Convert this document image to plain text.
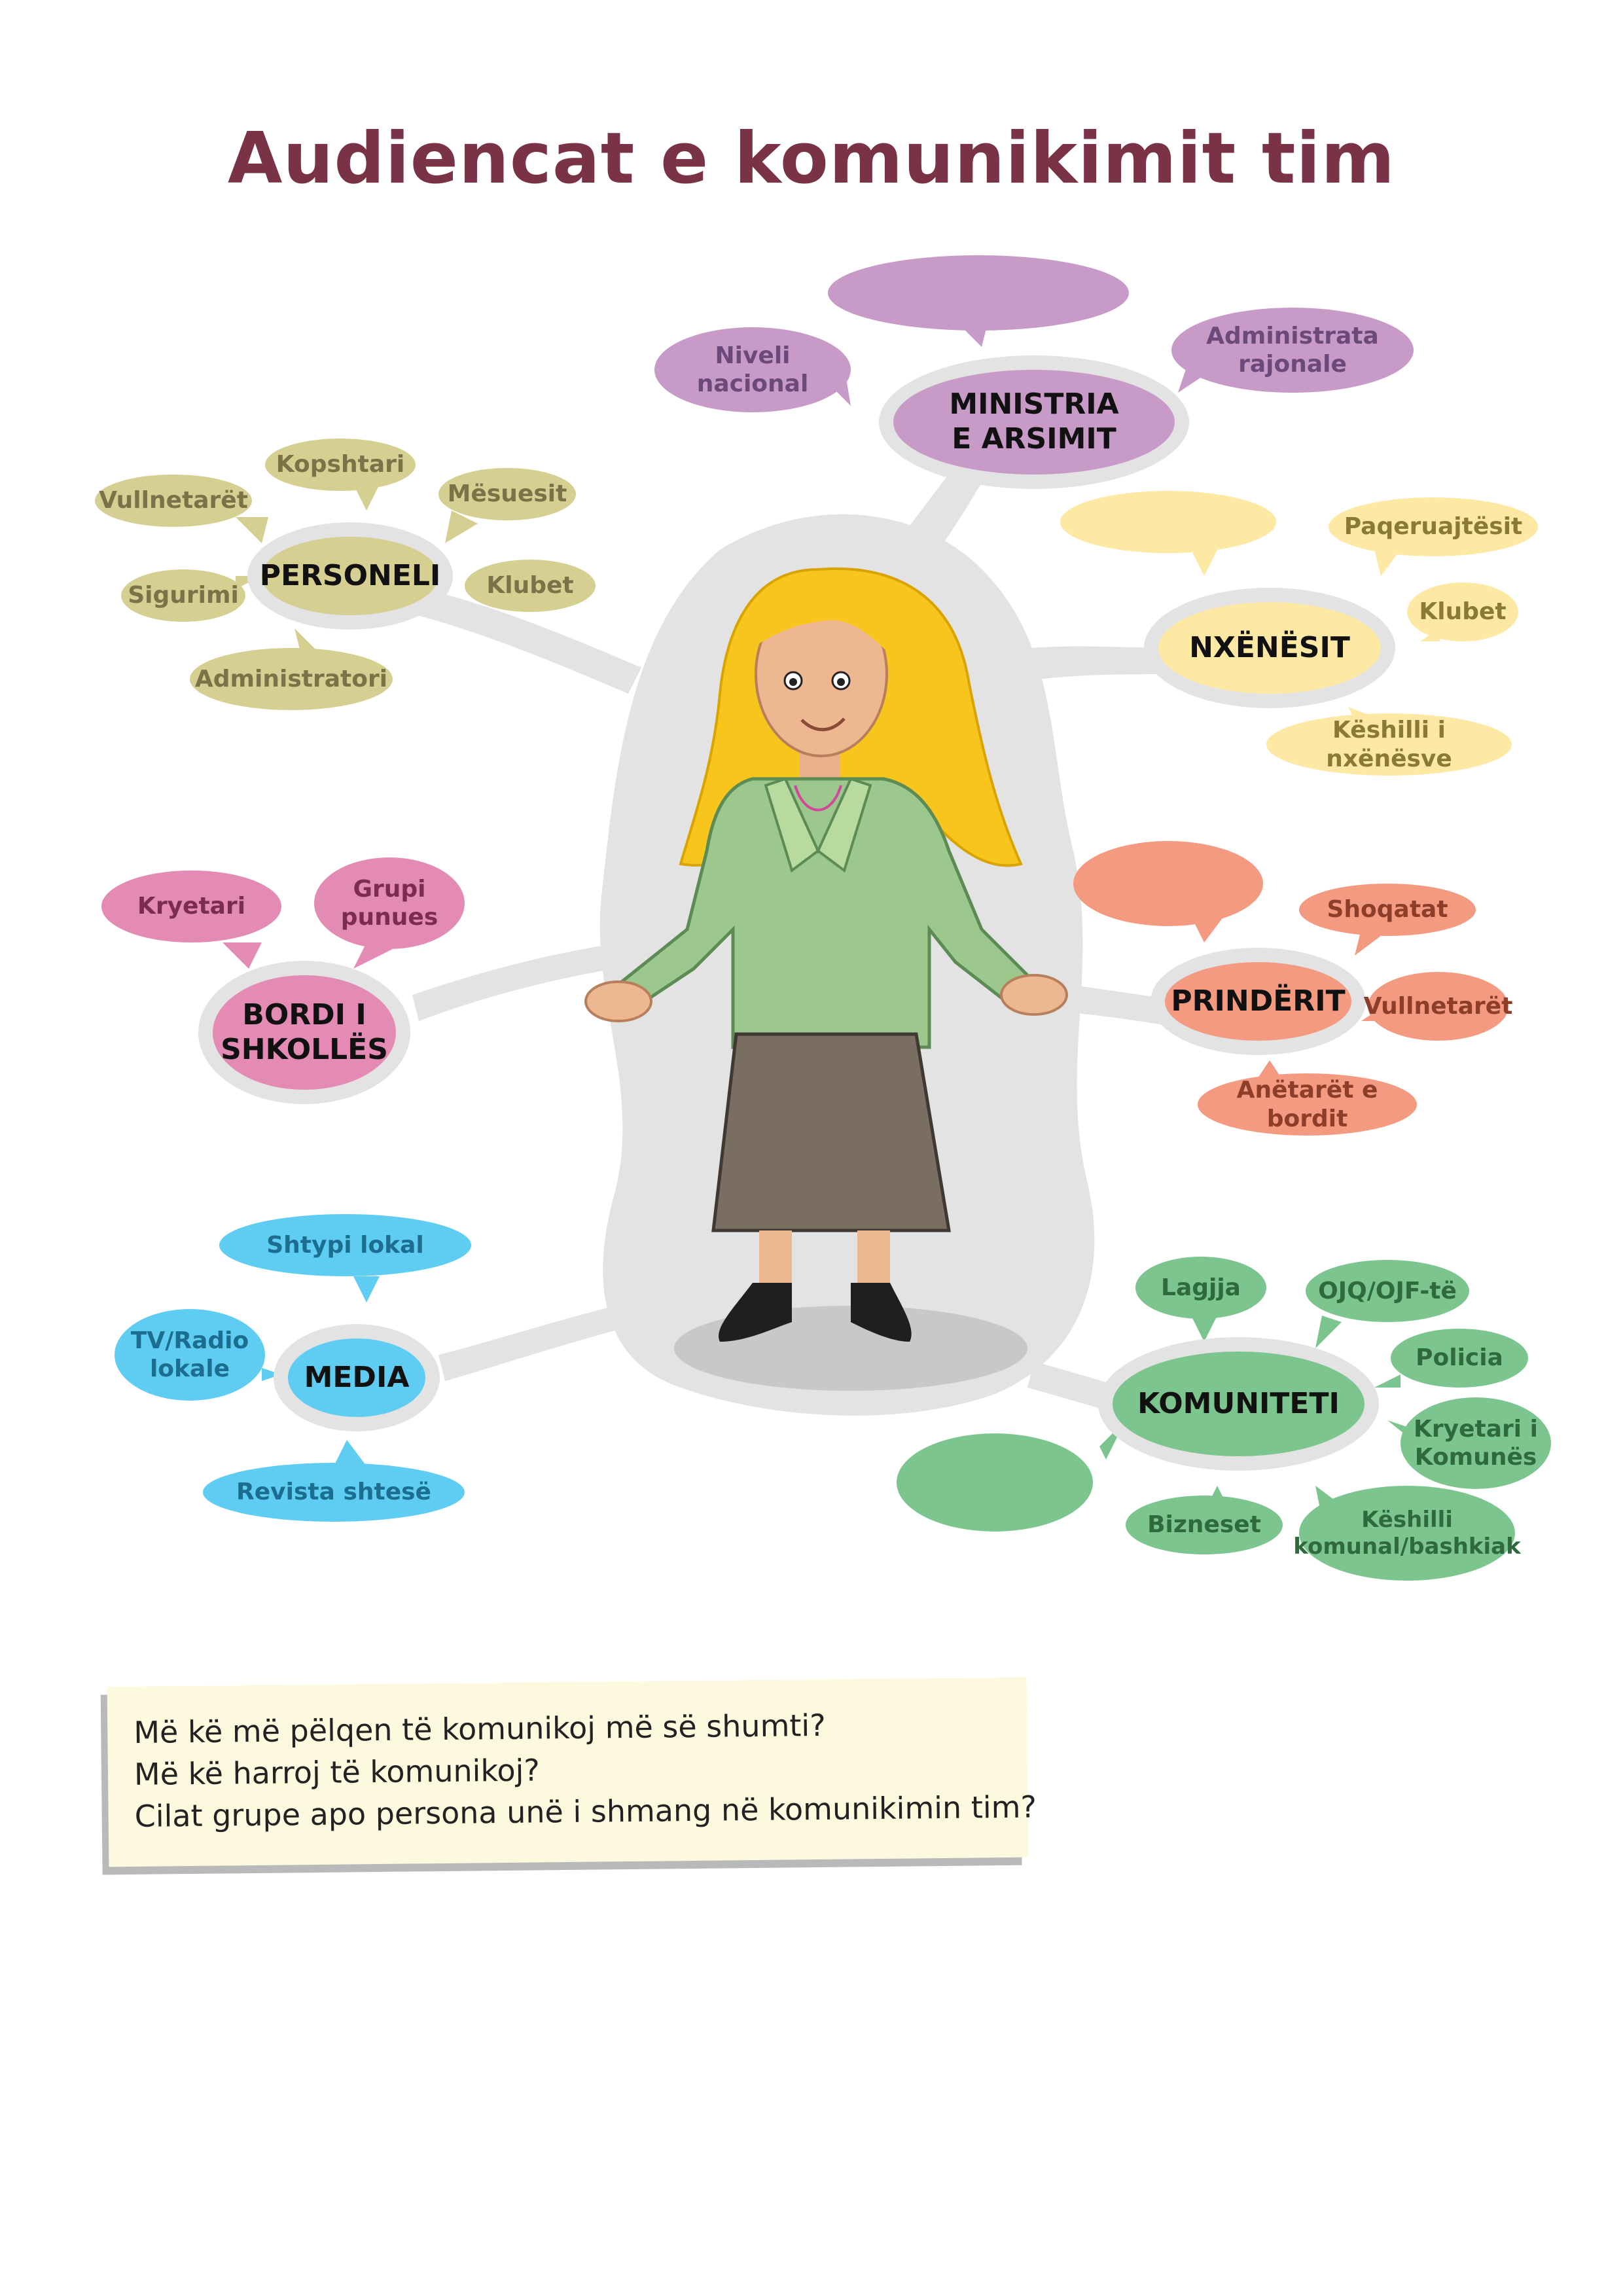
Audiencat e komunikimit tim
MINISTRIA
E ARSIMIT
Niveli
nacional
Administrata
rajonale
PERSONELI
Vullnetarët
Kopshtari
Mësuesit
Sigurimi	Klubet
Administratori
NXËNËSIT
Paqeruajtësit
Klubet
Këshilli i nxënësve
BORDI I
SHKOLLËS
Kryetari
Grupi
punues
PRINDËRIT
Shoqatat
Vullnetarët
Anëtarët e bordit
MEDIA
Shtypi lokal
TV/Radio
lokale
Revista shtesë
KOMUNITETI
Lagjja	OJQ/OJF-të
Policia
Kryetari i
Komunës
Bizneset	Këshilli
komunal/bashkiak
Më kë më pëlqen të komunikoj më së shumti?
Më kë harroj të komunikoj?
Cilat grupe apo persona unë i shmang në komunikimin tim?
